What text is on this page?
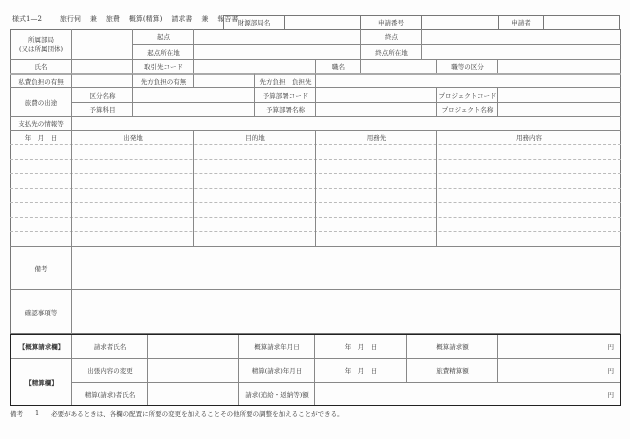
様式1—2	旅行伺 兼 旅費 概算(精算) 請求書 兼 報告書 財源部局名	申請番号	申請者
所属部局
(又は所属団体)
起点	終点
起点所在地	終点所在地
氏名	取引先コード	職名	職等の区分
私費負担の有無	先方負担の有無	先方負担　負担先
旅費の出途
区分名称	予算部署コード	プロジェクトコード
予算科目	予算部署名称	プロジェクト名称
支払先の情報等
年　月　日	出発地	目的地	用務先	用務内容
備考
確認事項等
【概算請求欄】	請求者氏名	概算請求年月日	年　月　日	概算請求額	円
【精算欄】
出張内容の変更	精算(請求)年月日	年　月　日	旅費精算額	円
精算(請求)者氏名	請求(追給・返納等)額	円
備考 1 必要があるときは、各欄の配置に所要の変更を加えることその他所要の調整を加えることができる。
